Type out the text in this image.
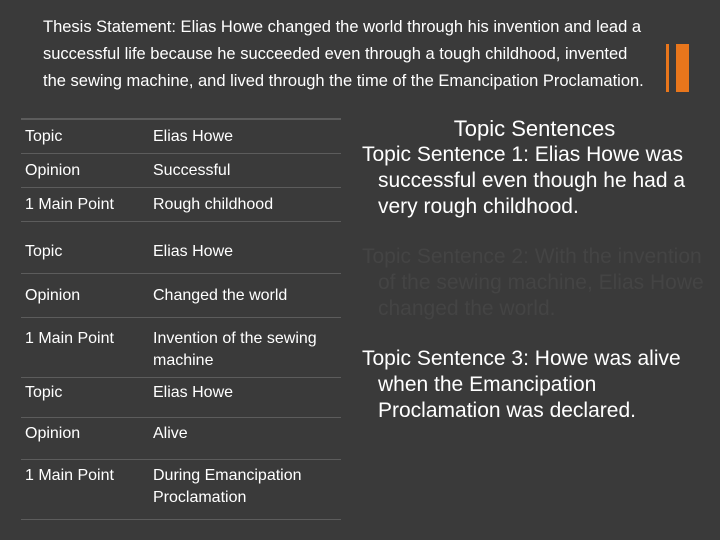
Thesis Statement: Elias Howe changed the world through his invention and lead a successful life because he succeeded even through a tough childhood, invented the sewing machine, and lived through the time of the Emancipation Proclamation.
Topic	Elias Howe
Opinion	Successful
1 Main Point	Rough childhood
Topic	Elias Howe
Opinion	Changed the world
1 Main Point	Invention of the sewing machine
Topic	Elias Howe
Opinion	Alive
1 Main Point	During Emancipation Proclamation
Topic Sentences
Topic Sentence 1: Elias Howe was successful even though he had a very rough childhood.
Topic Sentence 2: With the invention of the sewing machine, Elias Howe changed the world.
Topic Sentence 3: Howe was alive when the Emancipation Proclamation was declared.
